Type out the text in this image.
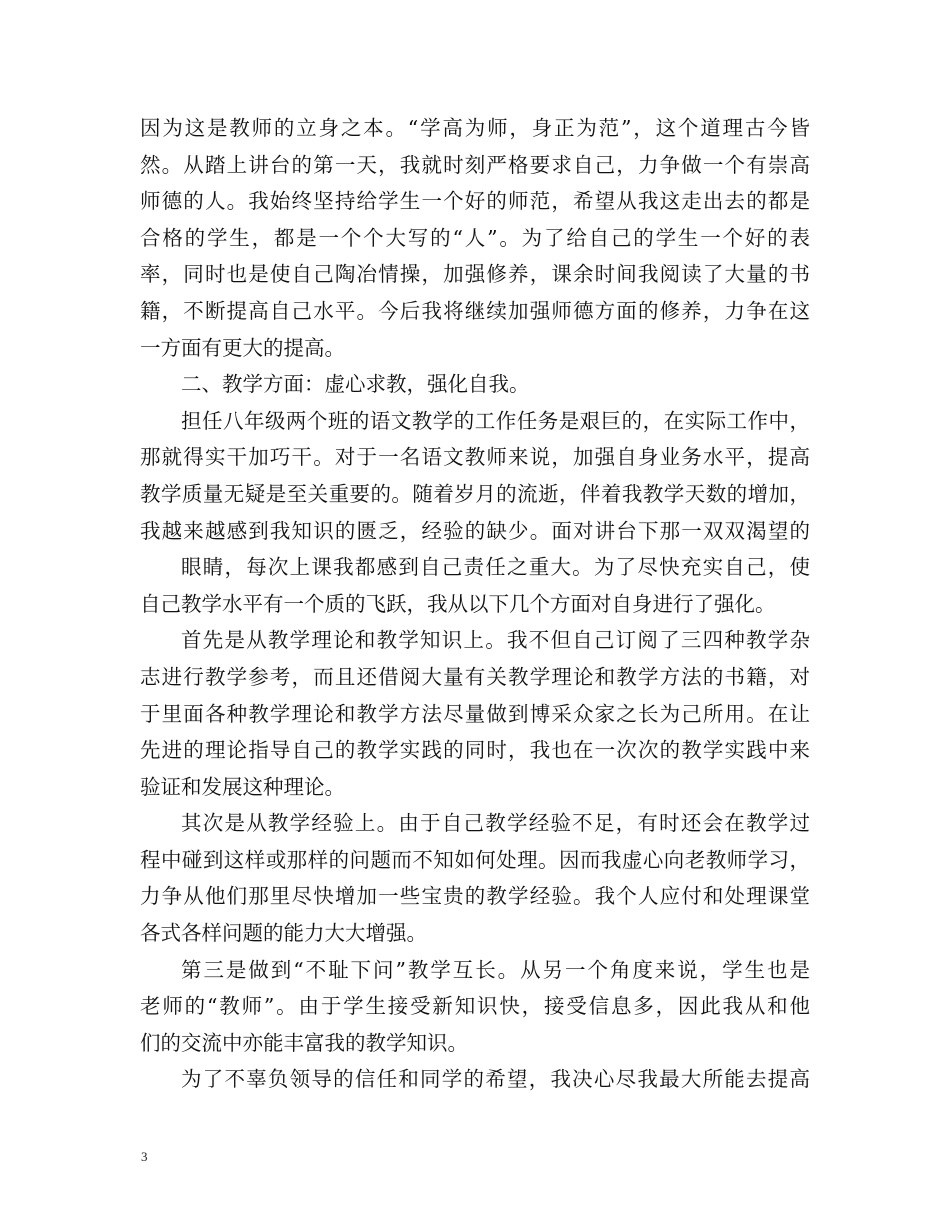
因为这是教师的立身之本。“学高为师，身正为范”，这个道理古今皆
然。从踏上讲台的第一天，我就时刻严格要求自己，力争做一个有崇高
师德的人。我始终坚持给学生一个好的师范，希望从我这走出去的都是
合格的学生，都是一个个大写的“人”。为了给自己的学生一个好的表
率，同时也是使自己陶冶情操，加强修养，课余时间我阅读了大量的书
籍，不断提高自己水平。今后我将继续加强师德方面的修养，力争在这
一方面有更大的提高。
二、教学方面：虚心求教，强化自我。
担任八年级两个班的语文教学的工作任务是艰巨的，在实际工作中，
那就得实干加巧干。对于一名语文教师来说，加强自身业务水平，提高
教学质量无疑是至关重要的。随着岁月的流逝，伴着我教学天数的增加，
我越来越感到我知识的匮乏，经验的缺少。面对讲台下那一双双渴望的
眼睛，每次上课我都感到自己责任之重大。为了尽快充实自己，使
自己教学水平有一个质的飞跃，我从以下几个方面对自身进行了强化。
首先是从教学理论和教学知识上。我不但自己订阅了三四种教学杂
志进行教学参考，而且还借阅大量有关教学理论和教学方法的书籍，对
于里面各种教学理论和教学方法尽量做到博采众家之长为己所用。在让
先进的理论指导自己的教学实践的同时，我也在一次次的教学实践中来
验证和发展这种理论。
其次是从教学经验上。由于自己教学经验不足，有时还会在教学过
程中碰到这样或那样的问题而不知如何处理。因而我虚心向老教师学习，
力争从他们那里尽快增加一些宝贵的教学经验。我个人应付和处理课堂
各式各样问题的能力大大增强。
第三是做到“不耻下问”教学互长。从另一个角度来说，学生也是
老师的“教师”。由于学生接受新知识快，接受信息多，因此我从和他
们的交流中亦能丰富我的教学知识。
为了不辜负领导的信任和同学的希望，我决心尽我最大所能去提高
3
